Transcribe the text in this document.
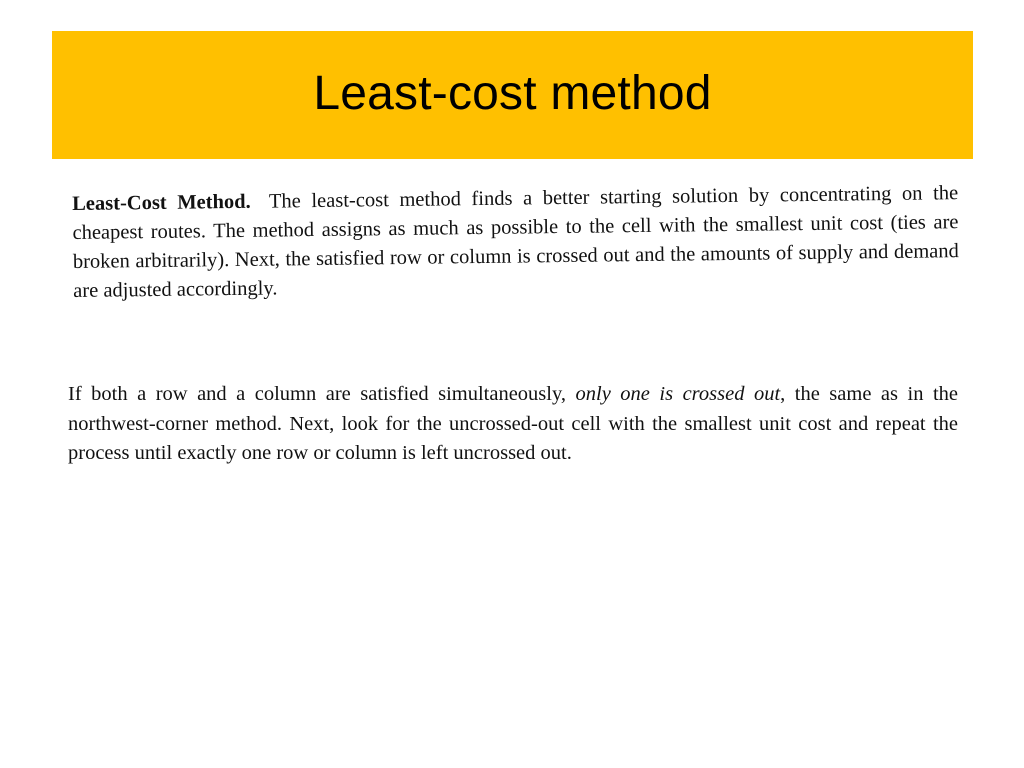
Least-cost method
Least-Cost Method. The least-cost method finds a better starting solution by concentrating on the cheapest routes. The method assigns as much as possible to the cell with the smallest unit cost (ties are broken arbitrarily). Next, the satisfied row or column is crossed out and the amounts of supply and demand are adjusted accordingly.
If both a row and a column are satisfied simultaneously, only one is crossed out, the same as in the northwest-corner method. Next, look for the uncrossed-out cell with the smallest unit cost and repeat the process until exactly one row or column is left uncrossed out.
